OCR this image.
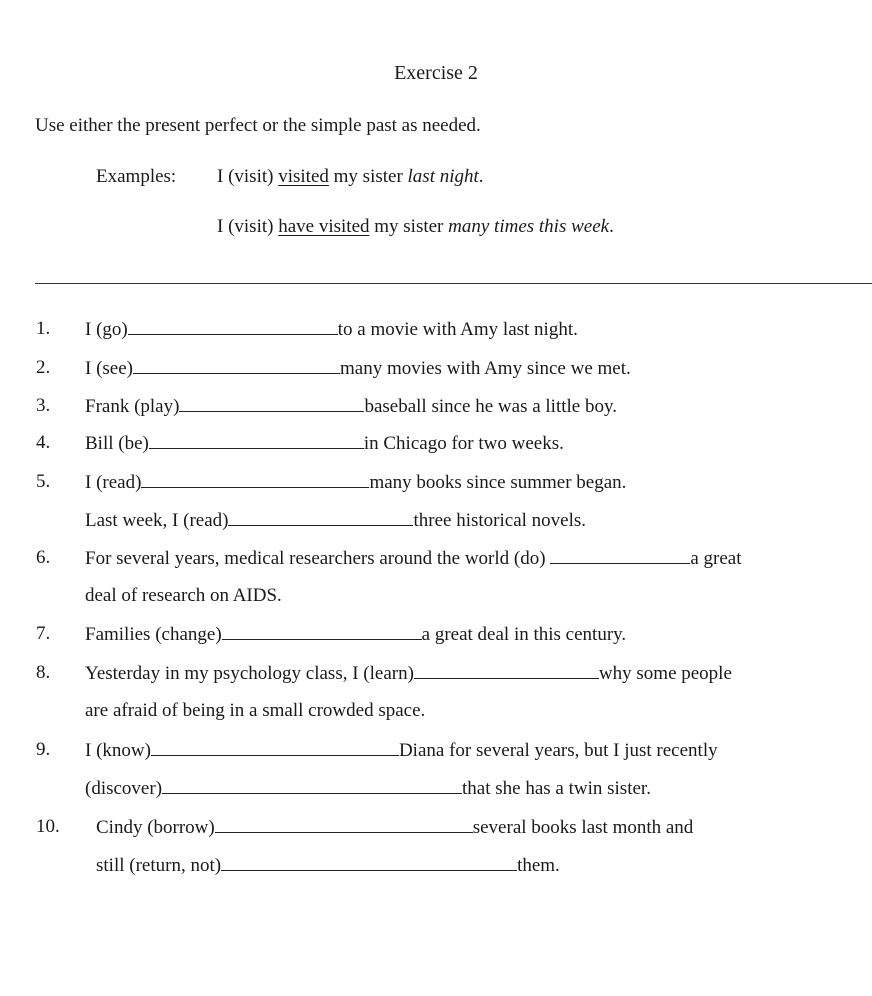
Exercise 2
Use either the present perfect or the simple past as needed.
Examples: I (visit) visited my sister last night.
I (visit) have visited my sister many times this week.
1. I (go)	to a movie with Amy last night.
2. I (see)	many movies with Amy since we met.
3. Frank (play)	baseball since he was a little boy.
4. Bill (be)	in Chicago for two weeks.
5. I (read)	many books since summer began.
Last week, I (read)	three historical novels.
6. For several years, medical researchers around the world (do)	a great
deal of research on AIDS.
7. Families (change)	a great deal in this century.
8. Yesterday in my psychology class, I (learn)	why some people
are afraid of being in a small crowded space.
9. I (know)	Diana for several years, but I just recently
(discover)	that she has a twin sister.
10. Cindy (borrow)	several books last month and
still (return, not)	them.
